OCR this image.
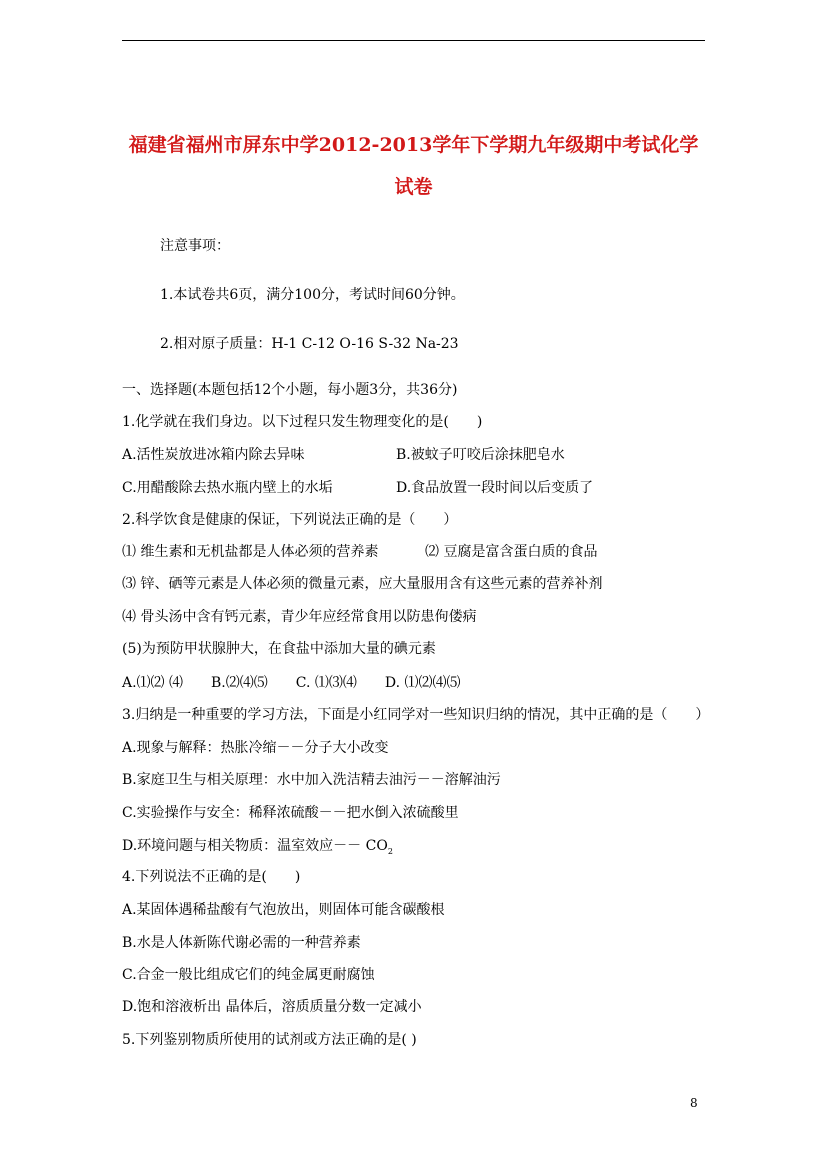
福建省福州市屏东中学2012-2013学年下学期九年级期中考试化学
试卷
注意事项：
1.本试卷共6页，满分100分，考试时间60分钟。
2.相对原子质量：H-1 C-12 O-16 S-32 Na-23
一、选择题(本题包括12个小题，每小题3分，共36分)
1.化学就在我们身边。以下过程只发生物理变化的是(　　)
A.活性炭放进冰箱内除去异味	B.被蚊子叮咬后涂抹肥皂水
C.用醋酸除去热水瓶内壁上的水垢	D.食品放置一段时间以后变质了
2.科学饮食是健康的保证，下列说法正确的是（　　）
⑴ 维生素和无机盐都是人体必须的营养素	⑵ 豆腐是富含蛋白质的食品
⑶ 锌、硒等元素是人体必须的微量元素，应大量服用含有这些元素的营养补剂
⑷ 骨头汤中含有钙元素，青少年应经常食用以防患佝偻病
(5)为预防甲状腺肿大，在食盐中添加大量的碘元素
A.⑴⑵ ⑷　　B.⑵⑷⑸　　C. ⑴⑶⑷　　D. ⑴⑵⑷⑸
3.归纳是一种重要的学习方法，下面是小红同学对一些知识归纳的情况，其中正确的是（　　）
A.现象与解释：热胀冷缩－－分子大小改变
B.家庭卫生与相关原理：水中加入洗洁精去油污－－溶解油污
C.实验操作与安全：稀释浓硫酸－－把水倒入浓硫酸里
D.环境问题与相关物质：温室效应－－ $CO_2$
4.下列说法不正确的是(　　)
A.某固体遇稀盐酸有气泡放出，则固体可能含碳酸根
B.水是人体新陈代谢必需的一种营养素
C.合金一般比组成它们的纯金属更耐腐蚀
D.饱和溶液析出 晶体后，溶质质量分数一定减小
5.下列鉴别物质所使用的试剂或方法正确的是( )
8
